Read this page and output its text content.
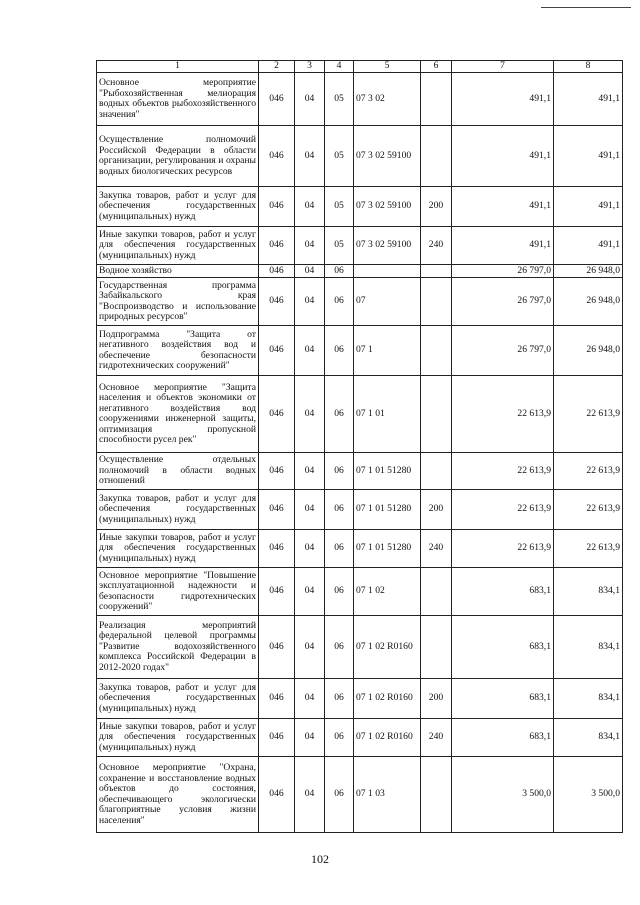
1	2	3	4	5	6	7	8
Основное мероприятие "Рыбохозяйственная мелиорация водных объектов рыбохозяйственного значения"	046	04	05	07 3 02		491,1	491,1
Осуществление полномочий Российской Федерации в области организации, регулирования и охраны водных биологических ресурсов	046	04	05	07 3 02 59100		491,1	491,1
Закупка товаров, работ и услуг для обеспечения государственных (муниципальных) нужд	046	04	05	07 3 02 59100	200	491,1	491,1
Иные закупки товаров, работ и услуг для обеспечения государственных (муниципальных) нужд	046	04	05	07 3 02 59100	240	491,1	491,1
Водное хозяйство	046	04	06			26 797,0	26 948,0
Государственная программа Забайкальского края "Воспроизводство и использование природных ресурсов"	046	04	06	07		26 797,0	26 948,0
Подпрограмма "Защита от негативного воздействия вод и обеспечение безопасности гидротехнических сооружений"	046	04	06	07 1		26 797,0	26 948,0
Основное мероприятие "Защита населения и объектов экономики от негативного воздействия вод сооружениями инженерной защиты, оптимизация пропускной способности русел рек"	046	04	06	07 1 01		22 613,9	22 613,9
Осуществление отдельных полномочий в области водных отношений	046	04	06	07 1 01 51280		22 613,9	22 613,9
Закупка товаров, работ и услуг для обеспечения государственных (муниципальных) нужд	046	04	06	07 1 01 51280	200	22 613,9	22 613,9
Иные закупки товаров, работ и услуг для обеспечения государственных (муниципальных) нужд	046	04	06	07 1 01 51280	240	22 613,9	22 613,9
Основное мероприятие "Повышение эксплуатационной надежности и безопасности гидротехнических сооружений"	046	04	06	07 1 02		683,1	834,1
Реализация мероприятий федеральной целевой программы "Развитие водохозяйственного комплекса Российской Федерации в 2012-2020 годах"	046	04	06	07 1 02 R0160		683,1	834,1
Закупка товаров, работ и услуг для обеспечения государственных (муниципальных) нужд	046	04	06	07 1 02 R0160	200	683,1	834,1
Иные закупки товаров, работ и услуг для обеспечения государственных (муниципальных) нужд	046	04	06	07 1 02 R0160	240	683,1	834,1
Основное мероприятие "Охрана, сохранение и восстановление водных объектов до состояния, обеспечивающего экологически благоприятные условия жизни населения"	046	04	06	07 1 03		3 500,0	3 500,0
102
